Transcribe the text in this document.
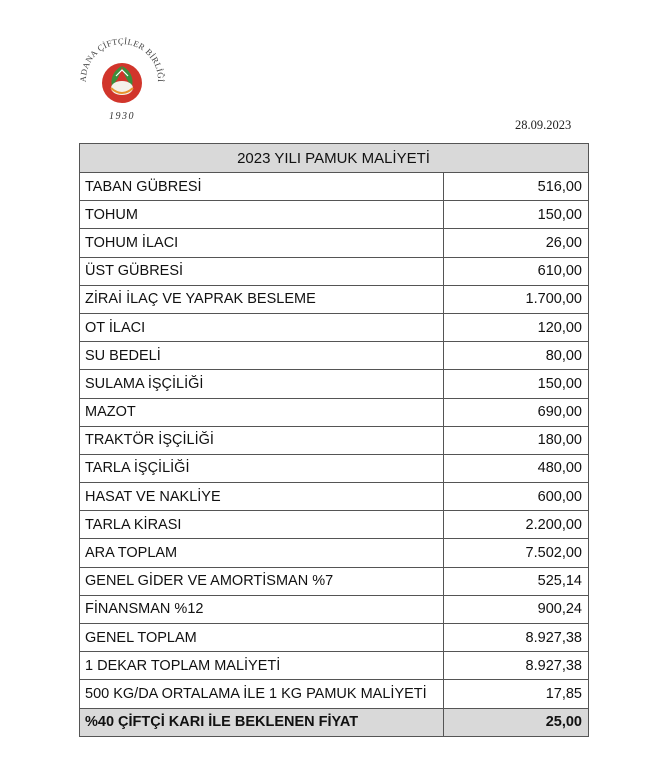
ADANA ÇİFTÇİLER BİRLİĞİ
1930
28.09.2023
2023 YILI PAMUK MALİYETİ	
TABAN GÜBRESİ	516,00
TOHUM	150,00
TOHUM İLACI	26,00
ÜST GÜBRESİ	610,00
ZİRAİ İLAÇ VE YAPRAK BESLEME	1.700,00
OT İLACI	120,00
SU BEDELİ	80,00
SULAMA İŞÇİLİĞİ	150,00
MAZOT	690,00
TRAKTÖR İŞÇİLİĞİ	180,00
TARLA İŞÇİLİĞİ	480,00
HASAT VE NAKLİYE	600,00
TARLA KİRASI	2.200,00
ARA TOPLAM	7.502,00
GENEL GİDER VE AMORTİSMAN %7	525,14
FİNANSMAN %12	900,24
GENEL TOPLAM	8.927,38
1 DEKAR TOPLAM MALİYETİ	8.927,38
500 KG/DA ORTALAMA İLE 1 KG PAMUK MALİYETİ	17,85
%40 ÇİFTÇİ KARI İLE BEKLENEN FİYAT	25,00
